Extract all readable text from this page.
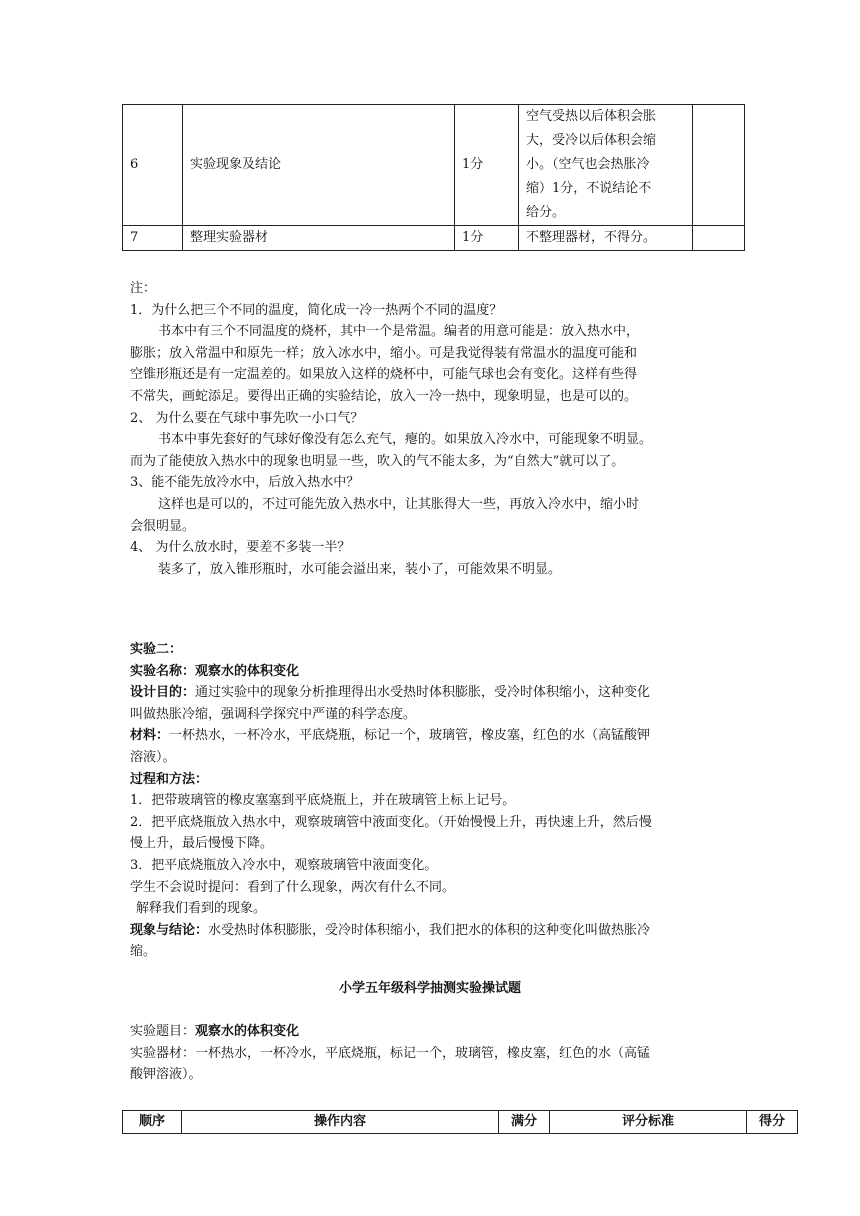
6	实验现象及结论	1分	空气受热以后体积会胀
大，受冷以后体积会缩
小。（空气也会热胀冷
缩）1分，不说结论不
给分。	

7	整理实验器材	1分	不整理器材，不得分。	

注：
1．为什么把三个不同的温度，简化成一冷一热两个不同的温度？
书本中有三个不同温度的烧杯，其中一个是常温。编者的用意可能是：放入热水中，
膨胀；放入常温中和原先一样；放入冰水中，缩小。可是我觉得装有常温水的温度可能和
空锥形瓶还是有一定温差的。如果放入这样的烧杯中，可能气球也会有变化。这样有些得
不常失，画蛇添足。要得出正确的实验结论，放入一冷一热中，现象明显，也是可以的。
2、 为什么要在气球中事先吹一小口气？
书本中事先套好的气球好像没有怎么充气，瘪的。如果放入冷水中，可能现象不明显。
而为了能使放入热水中的现象也明显一些，吹入的气不能太多，为“自然大”就可以了。
3、能不能先放冷水中，后放入热水中？
这样也是可以的，不过可能先放入热水中，让其胀得大一些，再放入冷水中，缩小时
会很明显。
4、 为什么放水时，要差不多装一半？
装多了，放入锥形瓶时，水可能会溢出来，装小了，可能效果不明显。
实验二：
实验名称：观察水的体积变化
设计目的：通过实验中的现象分析推理得出水受热时体积膨胀，受冷时体积缩小，这种变化
叫做热胀冷缩，强调科学探究中严谨的科学态度。
材料：一杯热水，一杯冷水，平底烧瓶，标记一个，玻璃管，橡皮塞，红色的水（高锰酸钾
溶液）。
过程和方法：
1．把带玻璃管的橡皮塞塞到平底烧瓶上，并在玻璃管上标上记号。
2．把平底烧瓶放入热水中，观察玻璃管中液面变化。（开始慢慢上升，再快速上升，然后慢
慢上升，最后慢慢下降。
3．把平底烧瓶放入冷水中，观察玻璃管中液面变化。
学生不会说时提问：看到了什么现象，两次有什么不同。
解释我们看到的现象。
现象与结论：水受热时体积膨胀，受冷时体积缩小，我们把水的体积的这种变化叫做热胀冷
缩。
小学五年级科学抽测实验操试题
实验题目：观察水的体积变化
实验器材：一杯热水，一杯冷水，平底烧瓶，标记一个，玻璃管，橡皮塞，红色的水（高锰
酸钾溶液）。
顺序	操作内容	满分	评分标准	得分
